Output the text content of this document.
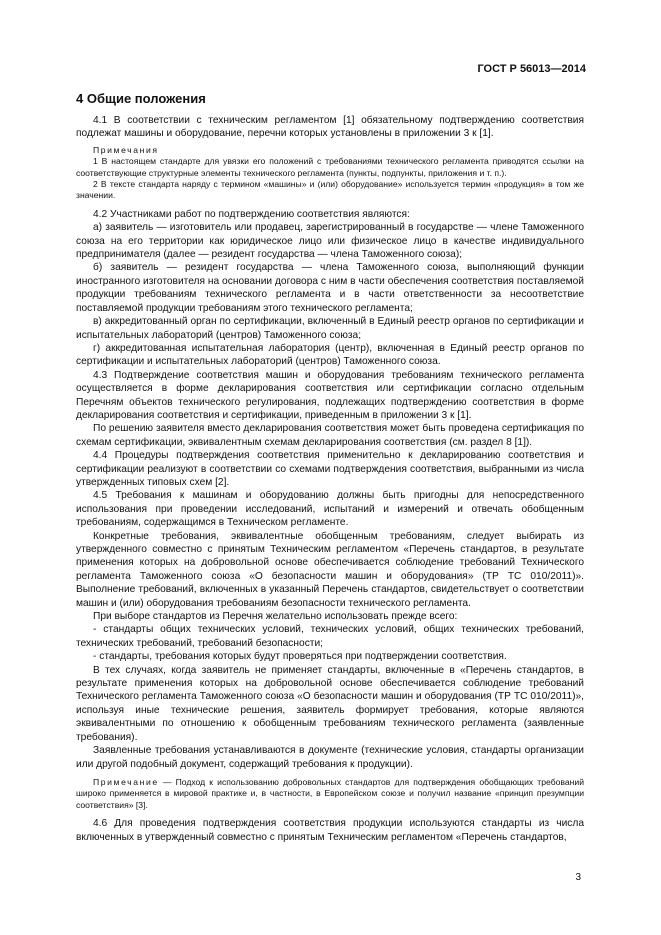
ГОСТ Р 56013—2014
4 Общие положения

4.1 В соответствии с техническим регламентом [1] обязательному подтверждению соответствия подлежат машины и оборудование, перечни которых установлены в приложении 3 к [1].

Примечания

1 В настоящем стандарте для увязки его положений с требованиями технического регламента приводятся ссылки на соответствующие структурные элементы технического регламента (пункты, подпункты, приложения и т. п.).

2 В тексте стандарта наряду с термином «машины» и (или) оборудование» используется термин «продукция» в том же значении.

4.2 Участниками работ по подтверждению соответствия являются:

а) заявитель — изготовитель или продавец, зарегистрированный в государстве — члене Таможенного союза на его территории как юридическое лицо или физическое лицо в качестве индивидуального предпринимателя (далее — резидент государства — члена Таможенного союза);

б) заявитель — резидент государства — члена Таможенного союза, выполняющий функции иностранного изготовителя на основании договора с ним в части обеспечения соответствия поставляемой продукции требованиям технического регламента и в части ответственности за несоответствие поставляемой продукции требованиям этого технического регламента;

в) аккредитованный орган по сертификации, включенный в Единый реестр органов по сертификации и испытательных лабораторий (центров) Таможенного союза;

г) аккредитованная испытательная лаборатория (центр), включенная в Единый реестр органов по сертификации и испытательных лабораторий (центров) Таможенного союза.

4.3 Подтверждение соответствия машин и оборудования требованиям технического регламента осуществляется в форме декларирования соответствия или сертификации согласно отдельным Перечням объектов технического регулирования, подлежащих подтверждению соответствия в форме декларирования соответствия и сертификации, приведенным в приложении 3 к [1].

По решению заявителя вместо декларирования соответствия может быть проведена сертификация по схемам сертификации, эквивалентным схемам декларирования соответствия (см. раздел 8 [1]).

4.4 Процедуры подтверждения соответствия применительно к декларированию соответствия и сертификации реализуют в соответствии со схемами подтверждения соответствия, выбранными из числа утвержденных типовых схем [2].

4.5 Требования к машинам и оборудованию должны быть пригодны для непосредственного использования при проведении исследований, испытаний и измерений и отвечать обобщенным требованиям, содержащимся в Техническом регламенте.

Конкретные требования, эквивалентные обобщенным требованиям, следует выбирать из утвержденного совместно с принятым Техническим регламентом «Перечень стандартов, в результате применения которых на добровольной основе обеспечивается соблюдение требований Технического регламента Таможенного союза «О безопасности машин и оборудования» (ТР ТС 010/2011)». Выполнение требований, включенных в указанный Перечень стандартов, свидетельствует о соответствии машин и (или) оборудования требованиям безопасности технического регламента.

При выборе стандартов из Перечня желательно использовать прежде всего:

- стандарты общих технических условий, технических условий, общих технических требований, технических требований, требований безопасности;

- стандарты, требования которых будут проверяться при подтверждении соответствия.

В тех случаях, когда заявитель не применяет стандарты, включенные в «Перечень стандартов, в результате применения которых на добровольной основе обеспечивается соблюдение требований Технического регламента Таможенного союза «О безопасности машин и оборудования (ТР ТС 010/2011)», используя иные технические решения, заявитель формирует требования, которые являются эквивалентными по отношению к обобщенным требованиям технического регламента (заявленные требования).

Заявленные требования устанавливаются в документе (технические условия, стандарты организации или другой подобный документ, содержащий требования к продукции).

Примечание — Подход к использованию добровольных стандартов для подтверждения обобщающих требований широко применяется в мировой практике и, в частности, в Европейском союзе и получил название «принцип презумпции соответствия» [3].

4.6 Для проведения подтверждения соответствия продукции используются стандарты из числа включенных в утвержденный совместно с принятым Техническим регламентом «Перечень стандартов,

3
